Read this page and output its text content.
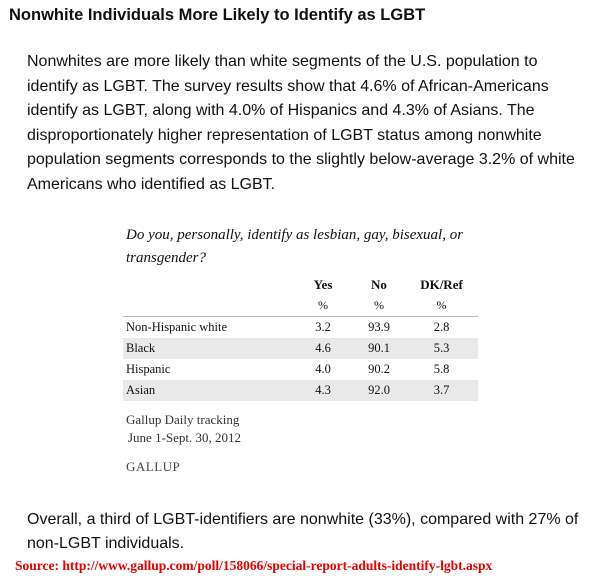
Nonwhite Individuals More Likely to Identify as LGBT

Nonwhites are more likely than white segments of the U.S. population to identify as LGBT. The survey results show that 4.6% of African-Americans identify as LGBT, along with 4.0% of Hispanics and 4.3% of Asians. The disproportionately higher representation of LGBT status among nonwhite population segments corresponds to the slightly below-average 3.2% of white Americans who identified as LGBT.

Do you, personally, identify as lesbian, gay, bisexual, or transgender?

	Yes	No	DK/Ref
	%	%	%
Non-Hispanic white	3.2	93.9	2.8
Black	4.6	90.1	5.3
Hispanic	4.0	90.2	5.8
Asian	4.3	92.0	3.7
Gallup Daily tracking
June 1-Sept. 30, 2012
GALLUP

Overall, a third of LGBT-identifiers are nonwhite (33%), compared with 27% of non-LGBT individuals.

Source: http://www.gallup.com/poll/158066/special-report-adults-identify-lgbt.aspx
